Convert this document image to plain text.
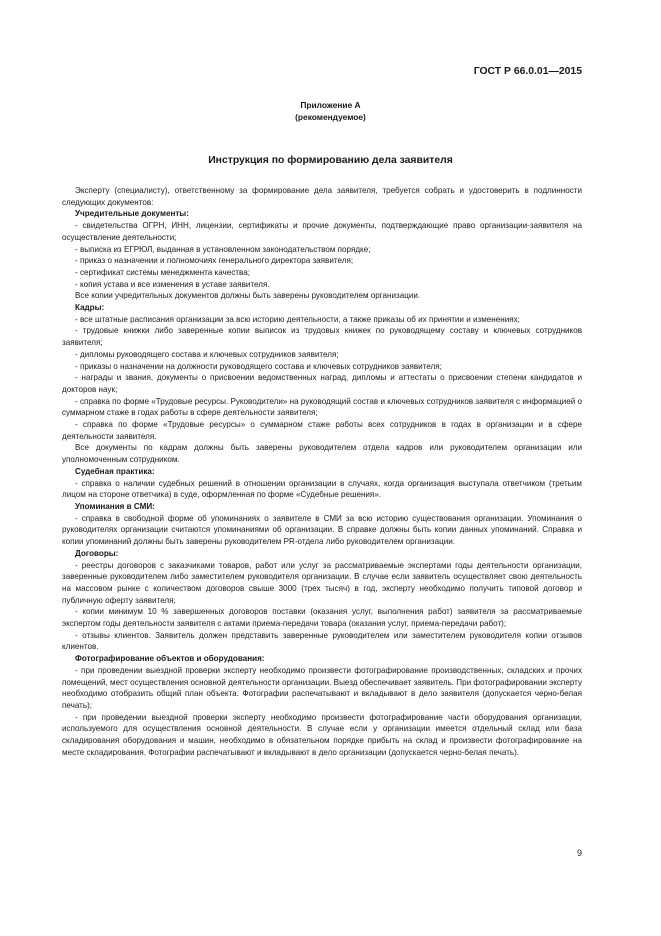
ГОСТ Р 66.0.01—2015
Приложение А
(рекомендуемое)
Инструкция по формированию дела заявителя

Эксперту (специалисту), ответственному за формирование дела заявителя, требуется собрать и удостоверить в подлинности следующих документов:

Учредительные документы:

- свидетельства ОГРН, ИНН, лицензии, сертификаты и прочие документы, подтверждающие право организации-заявителя на осуществление деятельности;

- выписка из ЕГРЮЛ, выданная в установленном законодательством порядке;

- приказ о назначении и полномочиях генерального директора заявителя;

- сертификат системы менеджмента качества;

- копия устава и все изменения в уставе заявителя.

Все копии учредительных документов должны быть заверены руководителем организации.

Кадры:

- все штатные расписания организации за всю историю деятельности, а также приказы об их принятии и изменениях;

- трудовые книжки либо заверенные копии выписок из трудовых книжек по руководящему составу и ключевых сотрудников заявителя;

- дипломы руководящего состава и ключевых сотрудников заявителя;

- приказы о назначении на должности руководящего состава и ключевых сотрудников заявителя;

- награды и звания, документы о присвоении ведомственных наград, дипломы и аттестаты о присвоении степени кандидатов и докторов наук;

- справка по форме «Трудовые ресурсы. Руководители» на руководящий состав и ключевых сотрудников заявителя с информацией о суммарном стаже в годах работы в сфере деятельности заявителя;

- справка по форме «Трудовые ресурсы» о суммарном стаже работы всех сотрудников в годах в организации и в сфере деятельности заявителя.

Все документы по кадрам должны быть заверены руководителем отдела кадров или руководителем организации или уполномоченным сотрудником.

Судебная практика:

- справка о наличии судебных решений в отношении организации в случаях, когда организация выступала ответчиком (третьим лицом на стороне ответчика) в суде, оформленная по форме «Судебные решения».

Упоминания в СМИ:

- справка в свободной форме об упоминаниях о заявителе в СМИ за всю историю существования организации. Упоминания о руководителях организации считаются упоминаниями об организации. В справке должны быть копии данных упоминаний. Справка и копии упоминаний должны быть заверены руководителем PR-отдела либо руководителем организации.

Договоры:

- реестры договоров с заказчиками товаров, работ или услуг за рассматриваемые экспертами годы деятельности организации, заверенные руководителем либо заместителем руководителя организации. В случае если заявитель осуществляет свою деятельность на массовом рынке с количеством договоров свыше 3000 (трех тысяч) в год, эксперту необходимо получить типовой договор и публичную оферту заявителя;

- копии минимум 10 % завершенных договоров поставки (оказания услуг, выполнения работ) заявителя за рассматриваемые экспертом годы деятельности заявителя с актами приема-передачи товара (оказания услуг, приема-передачи работ);

- отзывы клиентов. Заявитель должен представить заверенные руководителем или заместителем руководителя копии отзывов клиентов.

Фотографирование объектов и оборудования:

- при проведении выездной проверки эксперту необходимо произвести фотографирование производственных, складских и прочих помещений, мест осуществления основной деятельности организации. Выезд обеспечивает заявитель. При фотографировании эксперту необходимо отобразить общий план объекта. Фотографии распечатывают и вкладывают в дело заявителя (допускается черно-белая печать);

- при проведении выездной проверки эксперту необходимо произвести фотографирование части оборудования организации, используемого для осуществления основной деятельности. В случае если у организации имеется отдельный склад или база складирования оборудования и машин, необходимо в обязательном порядке прибыть на склад и произвести фотографирование на месте складирования. Фотографии распечатывают и вкладывают в дело организации (допускается черно-белая печать).

9
